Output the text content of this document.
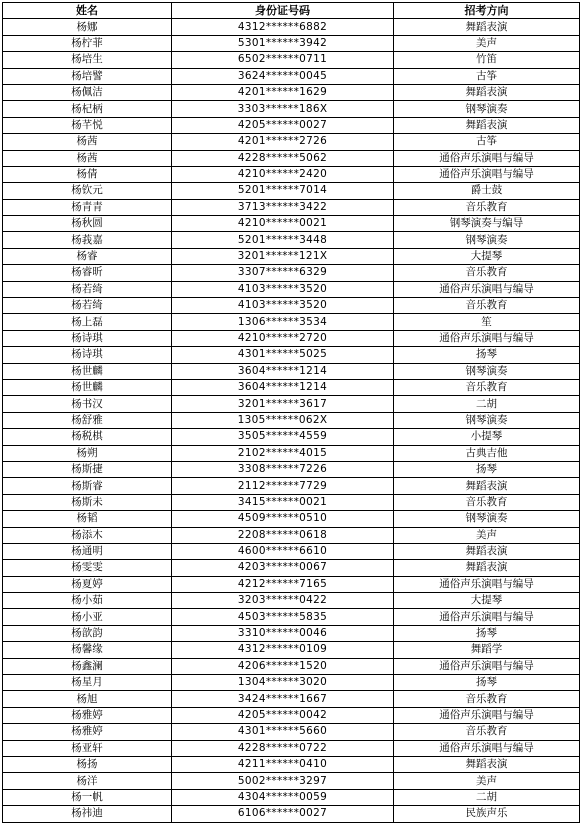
姓名	身份证号码	招考方向
杨娜	4312******6882	舞蹈表演
杨柠菲	5301******3942	美声
杨培生	6502******0711	竹笛
杨培譬	3624******0045	古筝
杨佩洁	4201******1629	舞蹈表演
杨杞柄	3303******186X	钢琴演奏
杨芊悦	4205******0027	舞蹈表演
杨茜	4201******2726	古筝
杨茜	4228******5062	通俗声乐演唱与编导
杨倩	4210******2420	通俗声乐演唱与编导
杨钦元	5201******7014	爵士鼓
杨青青	3713******3422	音乐教育
杨秋圆	4210******0021	钢琴演奏与编导
杨莪嘉	5201******3448	钢琴演奏
杨睿	3201******121X	大提琴
杨睿昕	3307******6329	音乐教育
杨若绮	4103******3520	通俗声乐演唱与编导
杨若绮	4103******3520	音乐教育
杨上磊	1306******3534	笙
杨诗琪	4210******2720	通俗声乐演唱与编导
杨诗琪	4301******5025	扬琴
杨世麟	3604******1214	钢琴演奏
杨世麟	3604******1214	音乐教育
杨书汉	3201******3617	二胡
杨舒雅	1305******062X	钢琴演奏
杨税棋	3505******4559	小提琴
杨朔	2102******4015	古典吉他
杨斯捷	3308******7226	扬琴
杨斯睿	2112******7729	舞蹈表演
杨斯未	3415******0021	音乐教育
杨韬	4509******0510	钢琴演奏
杨添木	2208******0618	美声
杨通明	4600******6610	舞蹈表演
杨雯雯	4203******0067	舞蹈表演
杨夏婷	4212******7165	通俗声乐演唱与编导
杨小茹	3203******0422	大提琴
杨小亚	4503******5835	通俗声乐演唱与编导
杨歆韵	3310******0046	扬琴
杨馨缘	4312******0109	舞蹈学
杨鑫澜	4206******1520	通俗声乐演唱与编导
杨星月	1304******3020	扬琴
杨旭	3424******1667	音乐教育
杨雅婷	4205******0042	通俗声乐演唱与编导
杨雅婷	4301******5660	音乐教育
杨亚轩	4228******0722	通俗声乐演唱与编导
杨扬	4211******0410	舞蹈表演
杨洋	5002******3297	美声
杨一帆	4304******0059	二胡
杨祎迪	6106******0027	民族声乐
